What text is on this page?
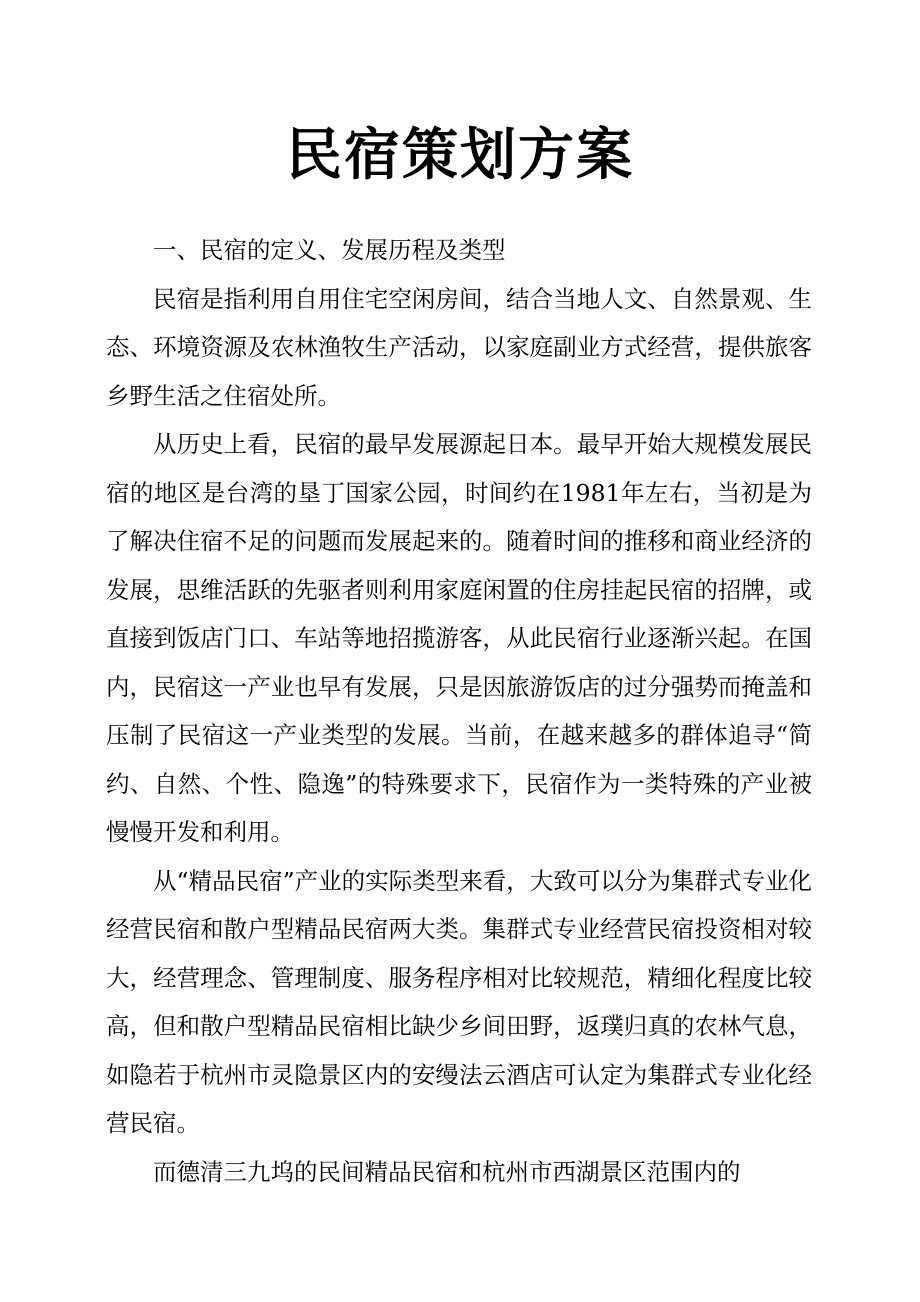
民宿策划方案

一、民宿的定义、发展历程及类型

民宿是指利用自用住宅空闲房间，结合当地人文、自然景观、生态、环境资源及农林渔牧生产活动，以家庭副业方式经营，提供旅客乡野生活之住宿处所。

从历史上看，民宿的最早发展源起日本。最早开始大规模发展民宿的地区是台湾的垦丁国家公园，时间约在1981年左右，当初是为了解决住宿不足的问题而发展起来的。随着时间的推移和商业经济的发展，思维活跃的先驱者则利用家庭闲置的住房挂起民宿的招牌，或直接到饭店门口、车站等地招揽游客，从此民宿行业逐渐兴起。在国内，民宿这一产业也早有发展，只是因旅游饭店的过分强势而掩盖和压制了民宿这一产业类型的发展。当前，在越来越多的群体追寻“简约、自然、个性、隐逸”的特殊要求下，民宿作为一类特殊的产业被慢慢开发和利用。

从“精品民宿”产业的实际类型来看，大致可以分为集群式专业化经营民宿和散户型精品民宿两大类。集群式专业经营民宿投资相对较大，经营理念、管理制度、服务程序相对比较规范，精细化程度比较高，但和散户型精品民宿相比缺少乡间田野，返璞归真的农林气息，如隐若于杭州市灵隐景区内的安缦法云酒店可认定为集群式专业化经营民宿。

而德清三九坞的民间精品民宿和杭州市西湖景区范围内的
